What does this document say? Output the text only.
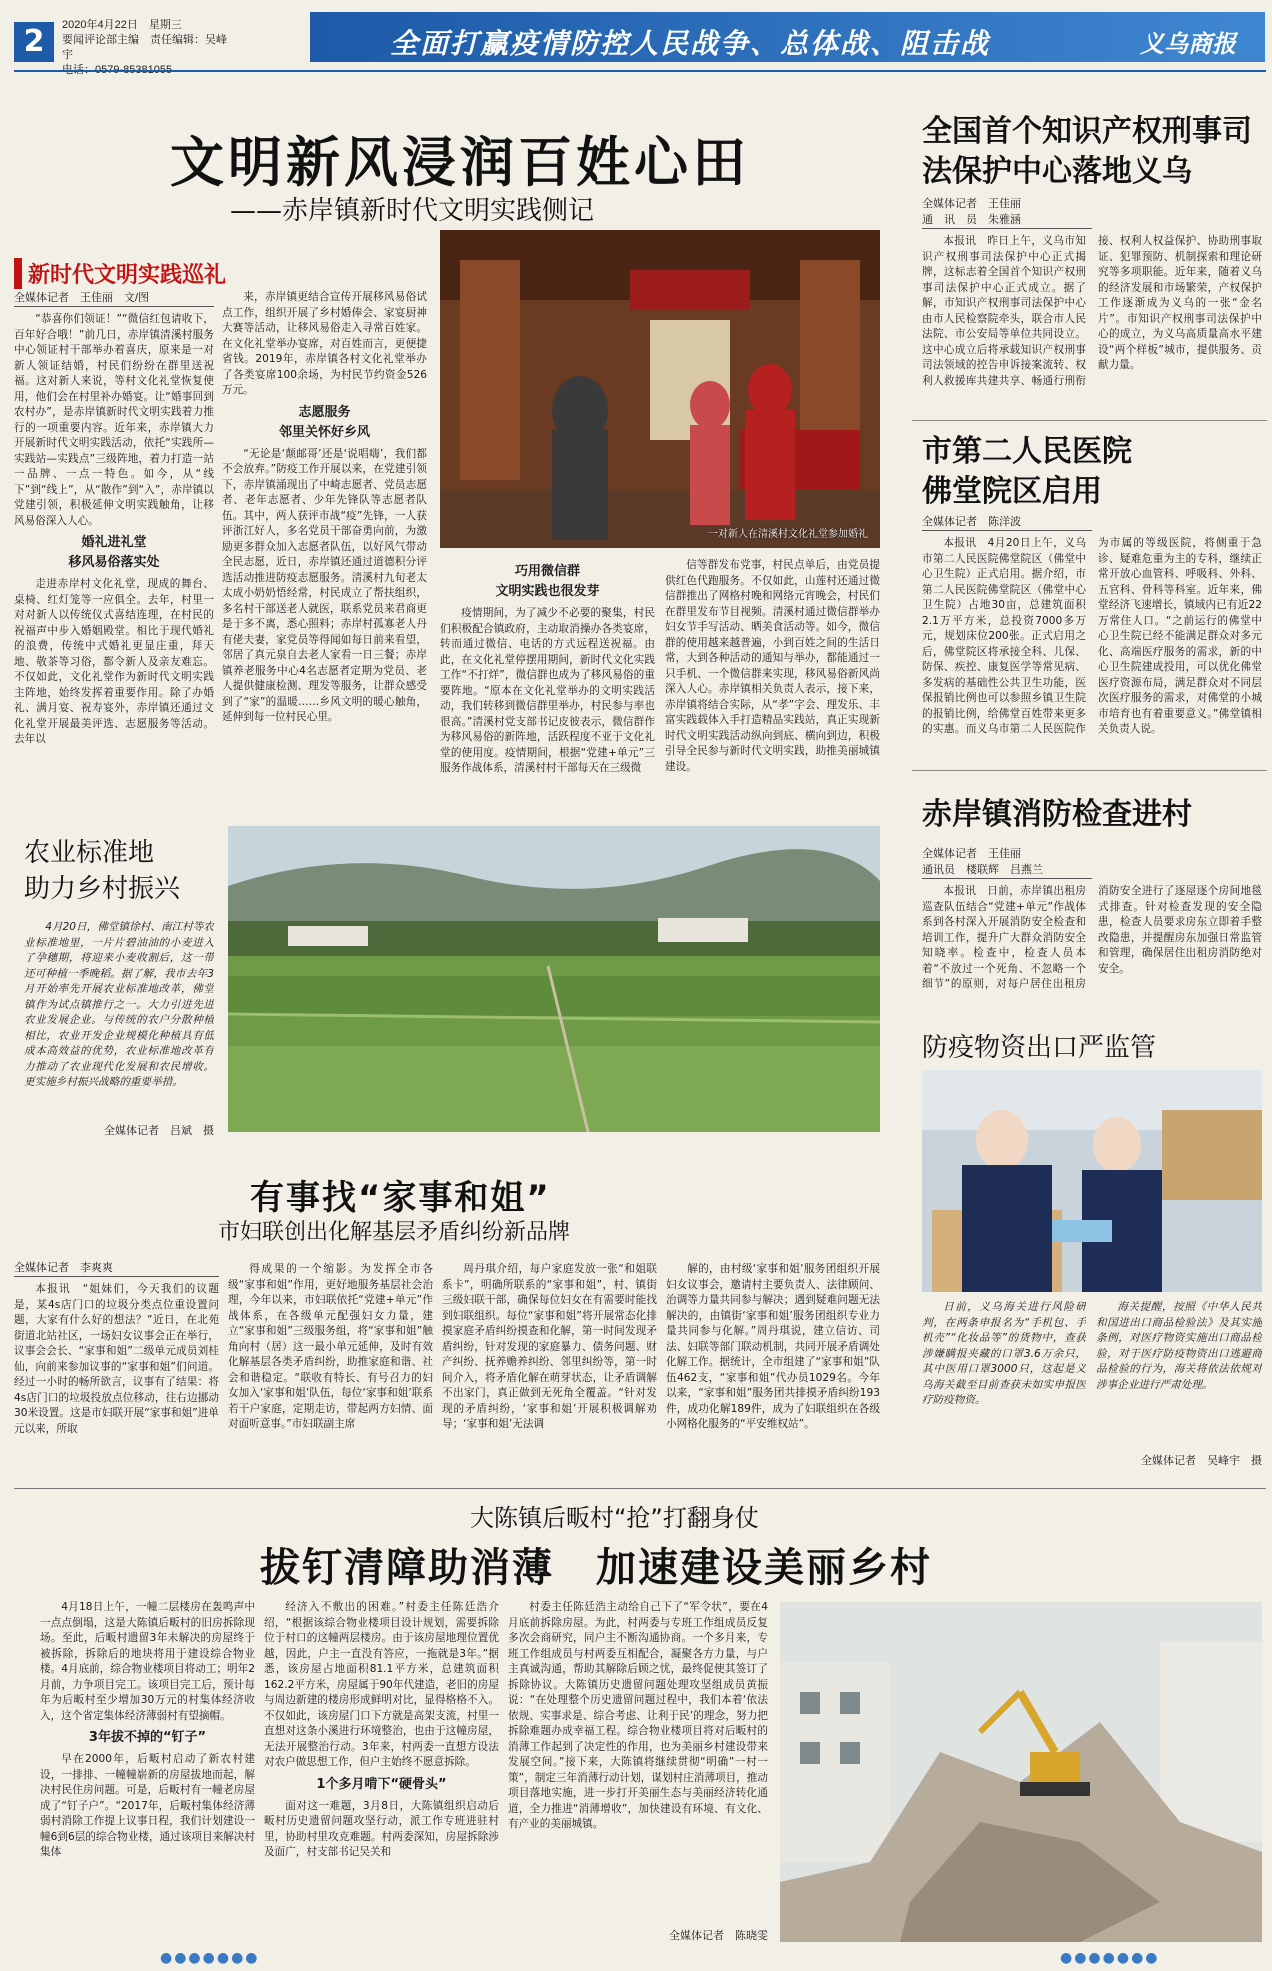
2	2020年4月22日　星期三
要闻评论部主编　责任编辑：吴峰宇	全面打赢疫情防控人民战争、总体战、阻击战	义乌商报
文明新风浸润百姓心田
——赤岸镇新时代文明实践侧记
新时代文明实践巡礼
全媒体记者　王佳丽　文/图

“恭喜你们领证！”“微信红包请收下，百年好合哦！”前几日，赤岸镇清溪村服务中心领证村干部举办着喜庆，原来是一对新人领证结婚，村民们纷纷在群里送祝福。这对新人来说，等村文化礼堂恢复使用，他们会在村里补办婚宴。让“婚事回到农村办”，是赤岸镇新时代文明实践着力推行的一项重要内容。近年来，赤岸镇大力开展新时代文明实践活动，依托“实践所—实践站—实践点”三级阵地，着力打造一站一品牌、一点一特色。如今，从“线下”到“线上”，从“散作”到“入”，赤岸镇以党建引领，积极延伸文明实践触角，让移风易俗深入人心。

婚礼进礼堂
移风易俗落实处

走进赤岸村文化礼堂，现成的舞台、桌椅、红灯笼等一应俱全。去年，村里一对对新人以传统仪式喜结连理，在村民的祝福声中步入婚姻殿堂。相比于现代婚礼的浪费，传统中式婚礼更显庄重，拜天地、敬茶等习俗，都令新人及亲友难忘。不仅如此，文化礼堂作为新时代文明实践主阵地，始终发挥着重要作用。除了办婚礼、满月宴、祝寿宴外，赤岸镇还通过文化礼堂开展最美评选、志愿服务等活动。去年以

来，赤岸镇更结合宣传开展移风易俗试点工作，组织开展了乡村婚俸会、家宴厨神大赛等活动，让移风易俗走入寻常百姓家。在文化礼堂举办宴席，对百姓而言，更便捷省钱。2019年，赤岸镇各村文化礼堂举办了各类宴席100余场，为村民节约资金526万元。

志愿服务
邻里关怀好乡风

“无论是‘颠邮哥’还是‘说唱嗨’，我们都不会放弃。”防疫工作开展以来，在党建引领下，赤岸镇涌现出了中崎志愿者、党员志愿者、老年志愿者、少年先锋队等志愿者队伍。其中，两人获评市战“疫”先锋，一人获评浙江好人，多名党员干部奋勇向前，为激励更多群众加入志愿者队伍，以好风气带动全民志愿，近日，赤岸镇还通过道德积分评选活动推进防疫志愿服务。清溪村九旬老太太成小奶奶悟经常，村民成立了帮扶组织，多名村干部送老人就医，联系党员来君商更是于多不离，悉心照料；赤岸村孤寡老人丹有佬夫妻，家党员等得闻如每日前来看望，邻居了真元泉自去老人家看一日三餐；赤岸镇养老服务中心4名志愿者定期为党员、老人提供健康检测、理发等服务，让群众感受到了“家”的温暖……乡风文明的暖心触角，延伸到每一位村民心里。

一对新人在清溪村文化礼堂参加婚礼
巧用微信群
文明实践也很发芽

疫情期间，为了减少不必要的聚集，村民们积极配合镇政府，主动取消操办各类宴席，转而通过微信、电话的方式远程送祝福。由此，在文化礼堂停摆用期间，新时代文化实践工作“不打烊”，微信群也成为了移风易俗的重要阵地。“原本在文化礼堂举办的文明实践活动，我们转移到微信群里举办，村民参与率也很高。”清溪村党支部书记皮彼表示，微信群作为移风易俗的新阵地，活跃程度不亚于文化礼堂的使用度。疫情期间，根据“党建+单元”三服务作战体系，清溪村村干部每天在三级微

信等群发布党事，村民点单后，由党员提供红色代跑服务。不仅如此，山莲村还通过微信群推出了网格村晚和网络元宵晚会，村民们在群里发布节目视频。清溪村通过微信群举办妇女节手写活动、晒美食活动等。如今，微信群的使用越来越普遍，小到百姓之间的生活日常，大到各种活动的通知与举办，都能通过一只手机、一个微信群来实现，移风易俗新风尚深入人心。赤岸镇相关负责人表示，接下来，赤岸镇将结合实际，从“孝”字会、理发乐、丰富实践载体入手打造精品实践站，真正实现新时代文明实践活动纵向到底、横向到边，积极引导全民参与新时代文明实践，助推美丽城镇建设。

农业标准地
助力乡村振兴

4月20日，佛堂镇徐村、南江村等农业标准地里，一片片碧油油的小麦进入了孕穗期，将迎来小麦收割后，这一带还可种植一季晚稻。据了解，我市去年3月开始率先开展农业标准地改革，佛堂镇作为试点镇推行之一。大力引进先进农业发展企业。与传统的农户分散种植相比，农业开发企业规模化种植具有低成本高效益的优势，农业标准地改革有力推动了农业现代化发展和农民增收。更实施乡村振兴战略的重要举措。

全媒体记者　吕斌　摄
有事找“家事和姐”
市妇联创出化解基层矛盾纠纷新品牌
全媒体记者　李爽爽

本报讯　“姐妹们，今天我们的议题是，某4s店门口的垃圾分类点位重设置问题，大家有什么好的想法？”近日，在北苑街道北站社区，一场妇女议事会正在举行，议事会会长、“家事和姐”二级单元成员刘桂仙，向前来参加议事的“家事和姐”们问道。经过一小时的畅所欲言，议事有了结果：将4s店门口的垃圾投放点位移动，往右边挪动30米设置。这是市妇联开展“家事和姐”进单元以来，所取

得成果的一个缩影。为发挥全市各级“家事和姐”作用，更好地服务基层社会治理，今年以来，市妇联依托“党建+单元”作战体系，在各级单元配强妇女力量，建立“家事和姐”三级服务组，将“家事和姐”触角向村（居）这一最小单元延伸，及时有效化解基层各类矛盾纠纷，助推家庭和谐、社会和谐稳定。“联收有特长、有号召力的妇女加入‘家事和姐’队伍，每位‘家事和姐’联系若干户家庭，定期走访，带起两方妇情、面对面听意事。”市妇联副主席

周丹琪介绍，每户家庭发放一张“和姐联系卡”，明确所联系的“家事和姐”，村、镇街三级妇联干部，确保每位妇女在有需要时能找到妇联组织。每位“家事和姐”将开展常态化排摸家庭矛盾纠纷摸查和化解，第一时间发现矛盾纠纷，针对发现的家庭暴力、债务问题、财产纠纷、抚养赡养纠纷、邻里纠纷等，第一时间介入，将矛盾化解在萌芽状态，让矛盾调解不出家门，真正做到无死角全覆盖。“针对发现的矛盾纠纷，‘家事和姐’开展积极调解劝导；‘家事和姐’无法调

解的，由村级‘家事和姐’服务团组织开展妇女议事会，邀请村主要负责人、法律顾问、治调等力量共同参与解决；遇到疑难问题无法解决的，由镇街‘家事和姐’服务团组织专业力量共同参与化解。”周丹琪说，建立信访、司法、妇联等部门联动机制，共同开展矛盾调处化解工作。据统计，全市组建了“家事和姐”队伍462支，“家事和姐”代办员1029名。今年以来，“家事和姐”服务团共排摸矛盾纠纷193件，成功化解189件，成为了妇联组织在各级小网格化服务的“平安维权站”。

全国首个知识产权刑事司法保护中心落地义乌
全媒体记者　王佳丽
通　讯　员　朱雅涵

本报讯　昨日上午，义乌市知识产权刑事司法保护中心正式揭牌，这标志着全国首个知识产权刑事司法保护中心正式成立。据了解，市知识产权刑事司法保护中心由市人民检察院牵头，联合市人民法院、市公安局等单位共同设立。这中心成立后将承载知识产权刑事司法领域的控告申诉接案流转、权利人救援库共建共享、畅通行刑衔接、权利人权益保护、协助刑事取证、犯罪预防、机制探索和理论研究等多项职能。近年来，随着义乌的经济发展和市场繁荣，产权保护工作逐渐成为义乌的一张“金名片”。市知识产权刑事司法保护中心的成立，为义乌高质量高水平建设“两个样板”城市，提供服务、贡献力量。

市第二人民医院
佛堂院区启用
全媒体记者　陈洋波

本报讯　4月20日上午，义乌市第二人民医院佛堂院区（佛堂中心卫生院）正式启用。据介绍，市第二人民医院佛堂院区（佛堂中心卫生院）占地30亩，总建筑面积2.1万平方米，总投资7000多万元，规划床位200张。正式启用之后，佛堂院区将承接全科、儿保、防保、疾控、康复医学等常见病、多发病的基础性公共卫生功能，医保报销比例也可以参照乡镇卫生院的报销比例，给佛堂百姓带来更多的实惠。而义乌市第二人民医院作为市属的等级医院，将侧重于急诊、疑难危重为主的专科，继续正常开放心血管科、呼吸科、外科、五官科、骨科等科室。近年来，佛堂经济飞速增长，镇域内已有近22万常住人口。“之前运行的佛堂中心卫生院已经不能满足群众对多元化、高端医疗服务的需求，新的中心卫生院建成投用，可以优化佛堂医疗资源布局，满足群众对不同层次医疗服务的需求，对佛堂的小城市培育也有着重要意义。”佛堂镇相关负责人说。

赤岸镇消防检查进村
全媒体记者　王佳丽
通讯员　楼联辉　吕燕兰

本报讯　日前，赤岸镇出租房巡查队伍结合“党建+单元”作战体系到各村深入开展消防安全检查和培训工作，提升广大群众消防安全知晓率。检查中，检查人员本着“不放过一个死角、不忽略一个细节”的原则，对每户居住出租房消防安全进行了逐屋逐个房间地毯式排查。针对检查发现的安全隐患，检查人员要求房东立即着手整改隐患，并提醒房东加强日常监管和管理，确保居住出租房消防绝对安全。

防疫物资出口严监管

日前，义乌海关进行风险研判，在两条申报名为“手机包、手机壳”“化妆品等”的货物中，查获涉嫌瞒报夹藏的口罩3.6万余只，其中医用口罩3000只，这起是义乌海关截至目前查获未如实申报医疗防疫物资。

海关提醒，按照《中华人民共和国进出口商品检验法》及其实施条例，对医疗物资实施出口商品检验，对于医疗防疫物资出口逃避商品检验的行为，海关将依法依规对涉事企业进行严肃处理。

全媒体记者　吴峰宇　摄
大陈镇后畈村“抢”打翻身仗
拔钉清障助消薄　加速建设美丽乡村

4月18日上午，一幢二层楼房在轰鸣声中一点点倒塌，这是大陈镇后畈村的旧房拆除现场。至此，后畈村遗留3年未解决的房屋终于被拆除，拆除后的地块将用于建设综合物业楼。4月底前，综合物业楼项目将动工；明年2月前，力争项目完工。该项目完工后，预计每年为后畈村至少增加30万元的村集体经济收入，这个省定集体经济薄弱村有望摘帽。

3年拔不掉的“钉子”

早在2000年，后畈村启动了新农村建设，一排排、一幢幢崭新的房屋拔地而起，解决村民住房问题。可是，后畈村有一幢老房屋成了“钉子户”。“2017年，后畈村集体经济薄弱村消除工作提上议事日程，我们计划建设一幢6到6层的综合物业楼，通过该项目来解决村集体

经济入不敷出的困难。”村委主任陈廷浩介绍，“根据该综合物业楼项目设计规划，需要拆除位于村口的这幢两层楼房。由于该房屋地理位置优越，因此，户主一直没有答应，一拖就是3年。”据悉，该房屋占地面积81.1平方米，总建筑面积162.2平方米，房屋属于90年代建造，老旧的房屋与周边新建的楼房形成鲜明对比，显得格格不入。不仅如此，该房屋门口下方就是高架支流，村里一直想对这条小溪进行环境整治，也由于这幢房屋，无法开展整治行动。3年来，村两委一直想方设法对农户做思想工作，但户主始终不愿意拆除。

1个多月啃下“硬骨头”

面对这一难题，3月8日，大陈镇组织启动后畈村历史遗留问题攻坚行动，派工作专班进驻村里，协助村里攻克难题。村两委深知，房屋拆除涉及面广，村支部书记吴关和

村委主任陈廷浩主动给自己下了“军令状”，要在4月底前拆除房屋。为此，村两委与专班工作组成员反复多次会商研究，同户主不断沟通协商。一个多月来，专班工作组成员与村两委互相配合，凝聚各方力量，与户主真诚沟通，帮助其解除后顾之忧，最终促使其签订了拆除协议。大陈镇历史遗留问题处理攻坚组成员黄振说：“在处理整个历史遗留问题过程中，我们本着‘依法依规、实事求是、综合考虑、让利于民’的理念，努力把拆除难题办成幸福工程。综合物业楼项目将对后畈村的消薄工作起到了决定性的作用，也为美丽乡村建设带来发展空间。”接下来，大陈镇将继续贯彻“明确”一村一策”，制定三年消薄行动计划，谋划村庄消薄项目，推动项目落地实施，进一步打开美丽生态与美丽经济转化通道，全力推进“消薄增收”，加快建设有环境、有文化、有产业的美丽城镇。

全媒体记者　陈晓雯
●●●●●●●	●●●●●●●
